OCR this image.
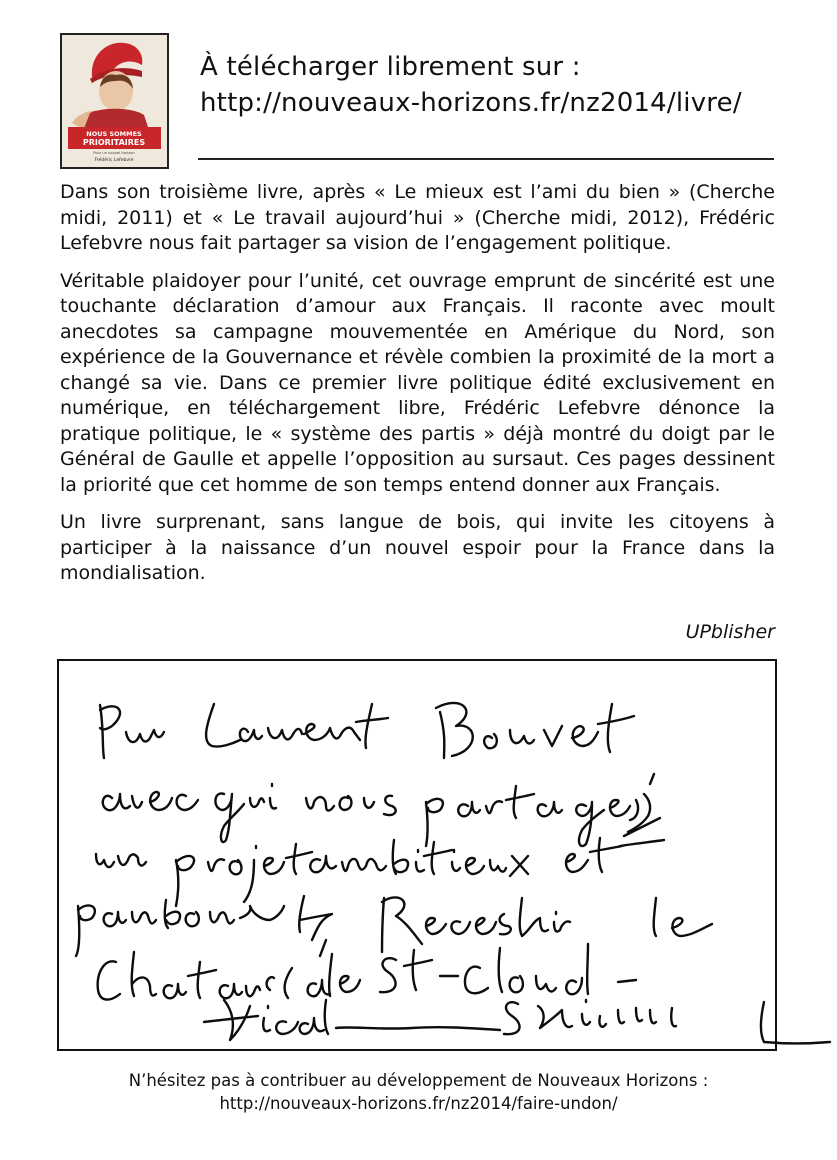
NOUS SOMMES
PRIORITAIRES
Pour un nouvel horizon
Frédéric Lefebvre
À télécharger librement sur :
http://nouveaux-horizons.fr/nz2014/livre/

Dans son troisième livre, après « Le mieux est l’ami du bien » (Cherche midi, 2011) et « Le travail aujourd’hui » (Cherche midi, 2012), Frédéric Lefebvre nous fait partager sa vision de l’engagement politique.

Véritable plaidoyer pour l’unité, cet ouvrage emprunt de sincérité est une touchante déclaration d’amour aux Français. Il raconte avec moult anecdotes sa campagne mouvementée en Amérique du Nord, son expérience de la Gouvernance et révèle combien la proximité de la mort a changé sa vie. Dans ce premier livre politique édité exclusivement en numérique, en téléchargement libre, Frédéric Lefebvre dénonce la pratique politique, le « système des partis » déjà montré du doigt par le Général de Gaulle et appelle l’opposition au sursaut. Ces pages dessinent la priorité que cet homme de son temps entend donner aux Français.

Un livre surprenant, sans langue de bois, qui invite les citoyens à participer à la naissance d’un nouvel espoir pour la France dans la mondialisation.

UPblisher
N’hésitez pas à contribuer au développement de Nouveaux Horizons :
http://nouveaux-horizons.fr/nz2014/faire-undon/
